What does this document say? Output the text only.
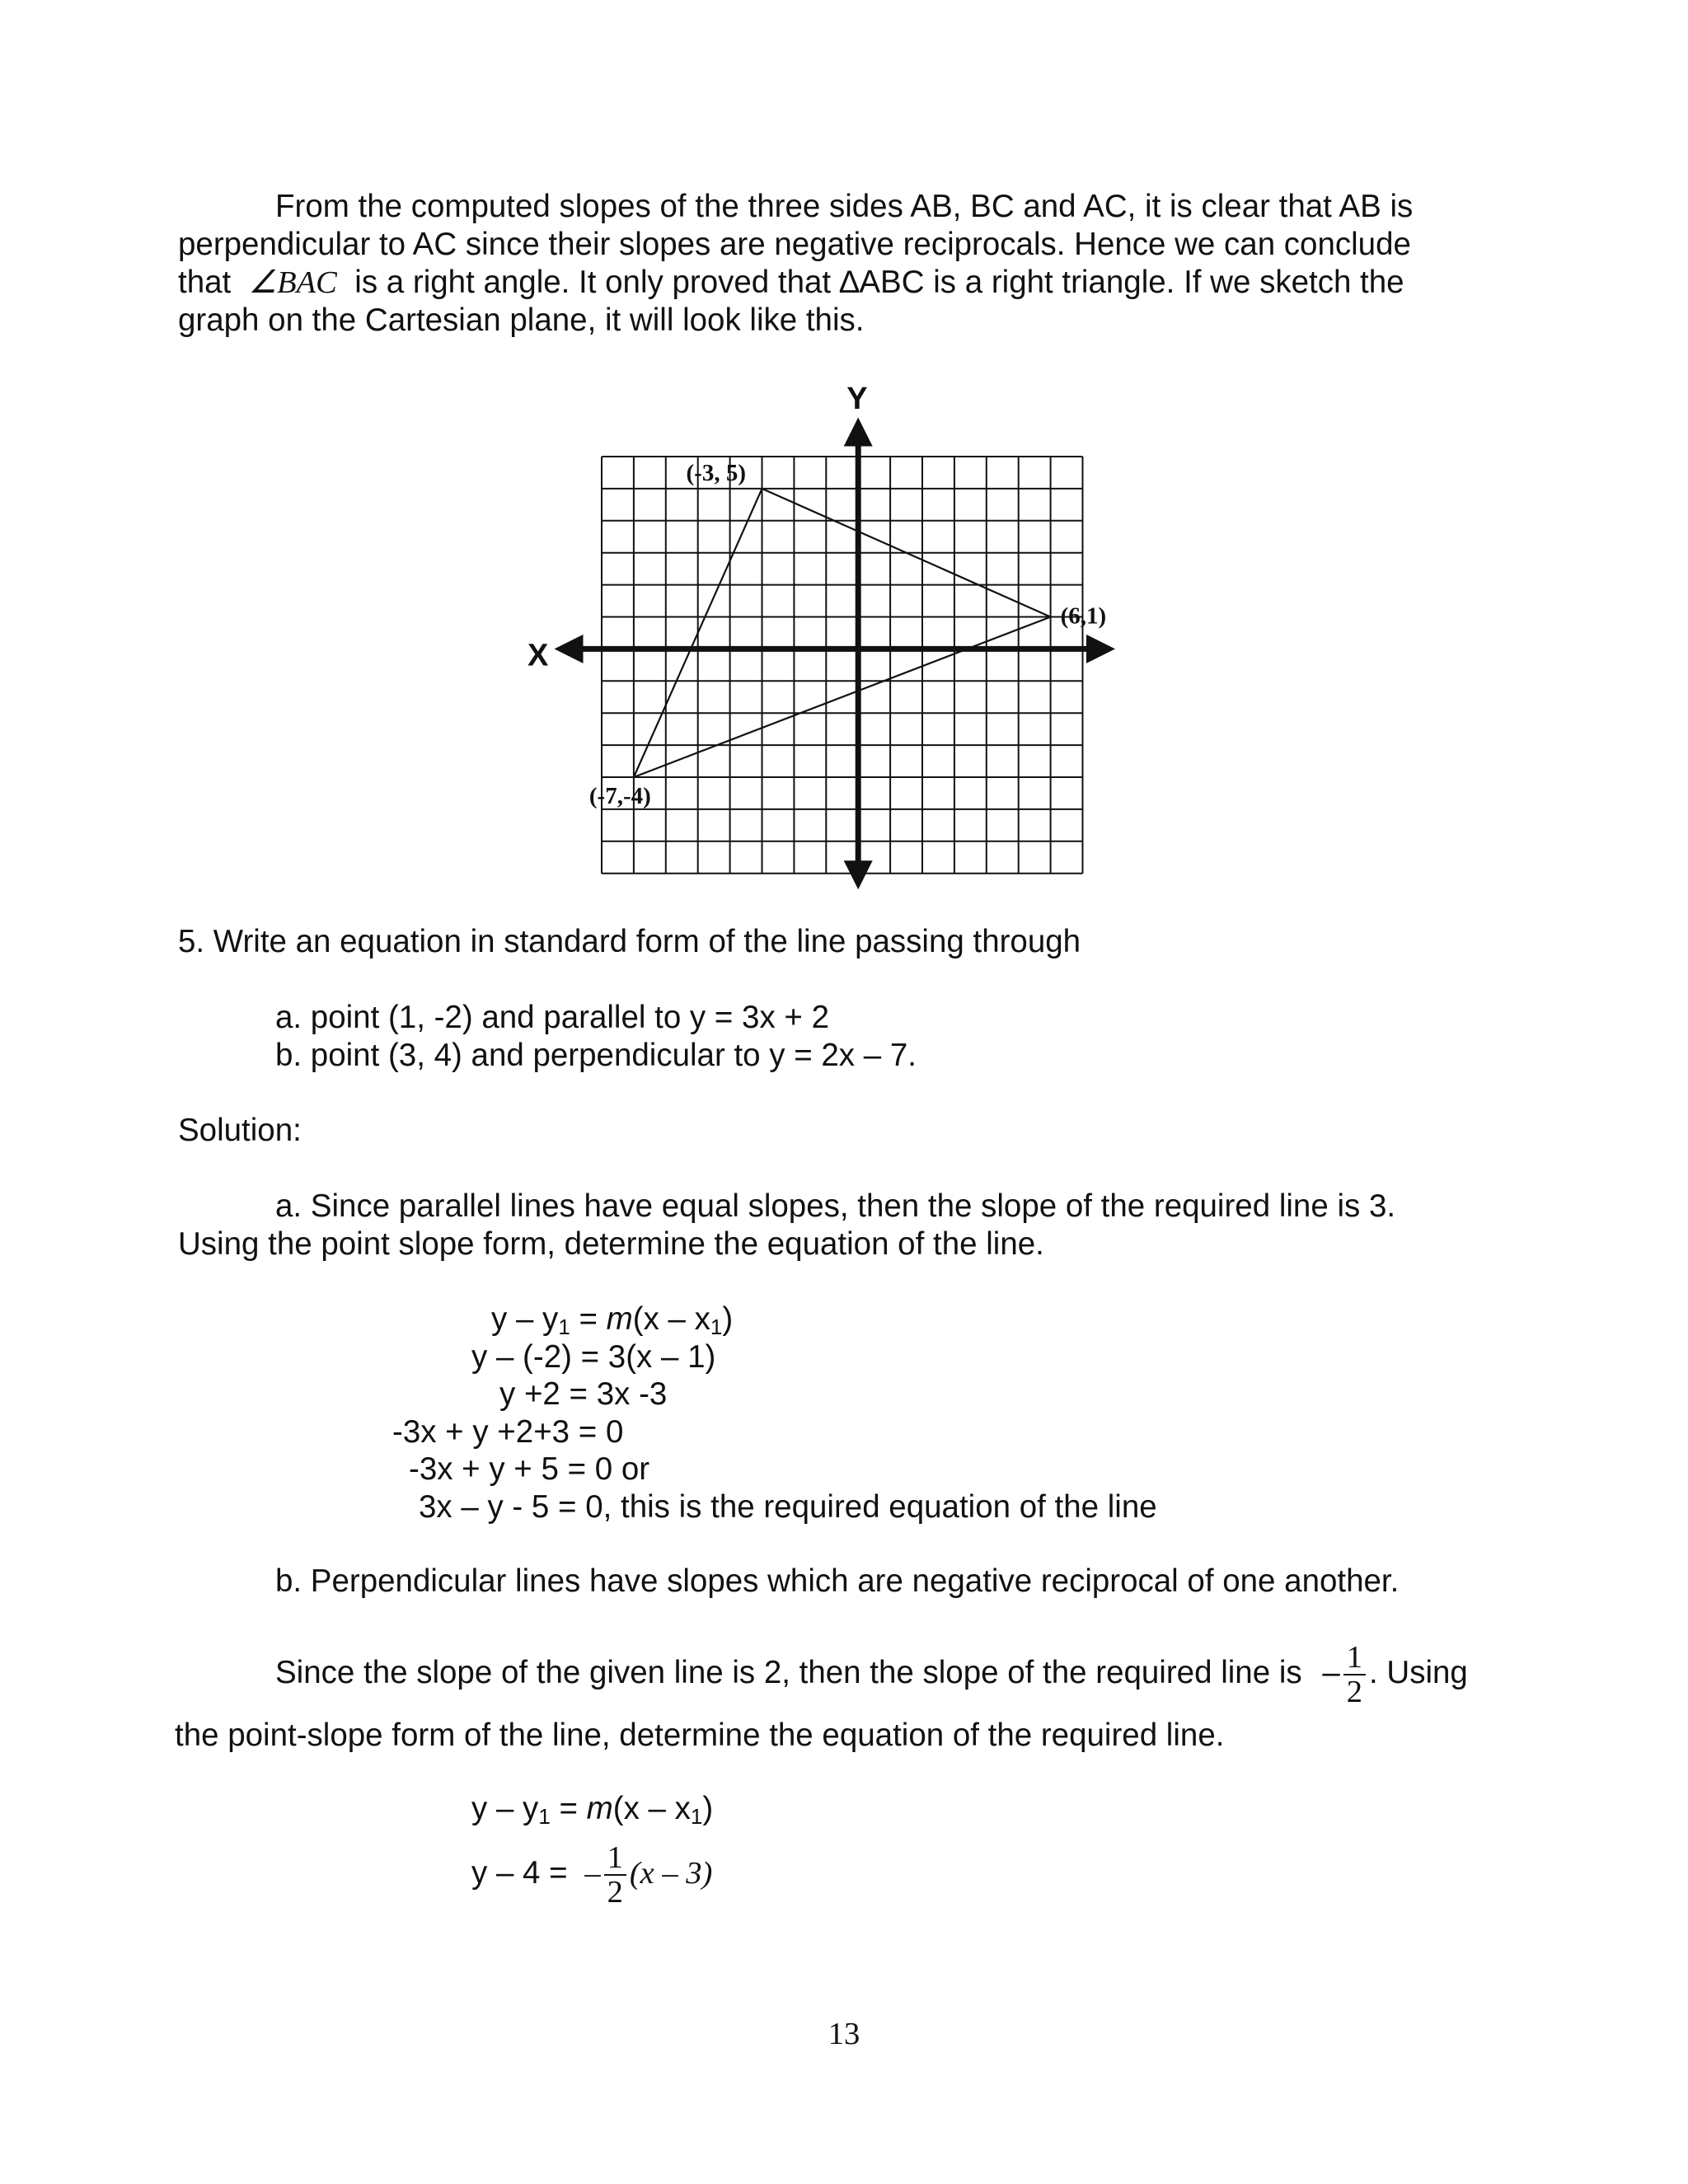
From the computed slopes of the three sides AB, BC and AC, it is clear that AB is

perpendicular to AC since their slopes are negative reciprocals. Hence we can conclude

that ∠BAC is a right angle. It only proved that ∆ABC is a right triangle. If we sketch the

graph on the Cartesian plane, it will look like this.

(-3, 5)
(6,1)
(-7,-4)
X
Y
5. Write an equation in standard form of the line passing through
a. point (1, -2) and parallel to y = 3x + 2
b. point (3, 4) and perpendicular to y = 2x – 7.
Solution:

a. Since parallel lines have equal slopes, then the slope of the required line is 3.

Using the point slope form, determine the equation of the line.

$y - y_1 = m(x - x_1)$
y – (-2) = 3(x – 1)
y +2 = 3x -3
-3x + y +2+3 = 0
-3x + y + 5 = 0 or
3x – y - 5 = 0, this is the required equation of the line
b. Perpendicular lines have slopes which are negative reciprocal of one another.
Since the slope of the given line is 2, then the slope of the required line is – $\frac{1}{2}$ . Using
the point-slope form of the line, determine the equation of the required line.
$y - y_1 = m(x - x_1)$
y – 4 = – $\frac{1}{2} (x - 3)$
13
